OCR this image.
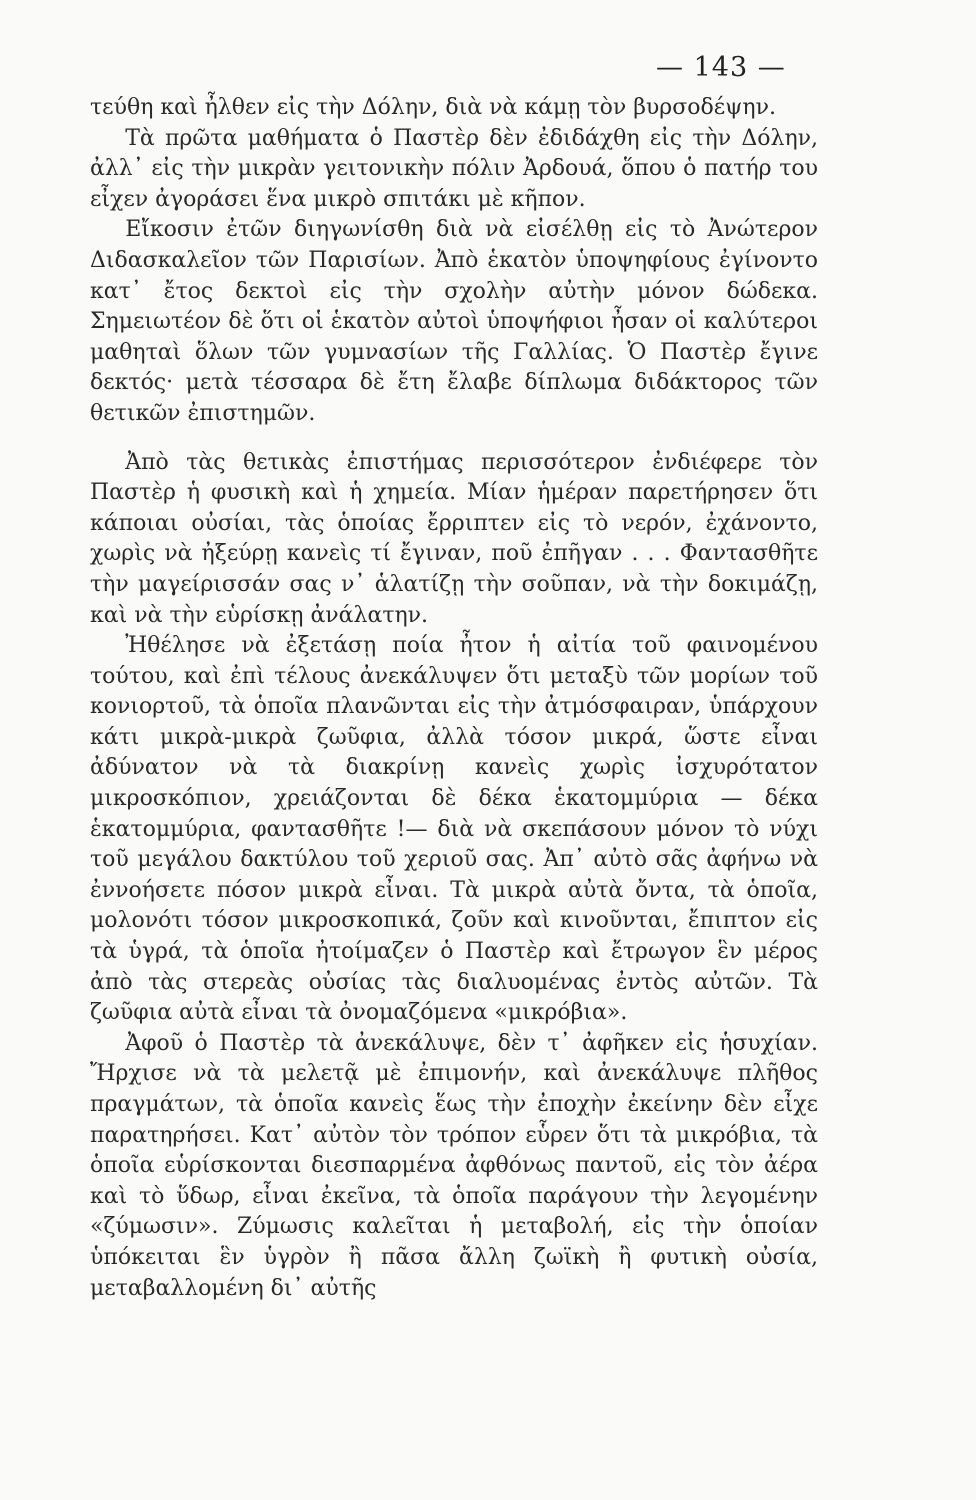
— 143 —

τεύθη καὶ ἦλθεν εἰς τὴν Δόλην, διὰ νὰ κάμῃ τὸν βυρσοδέψην.

Τὰ πρῶτα μαθήματα ὁ Παστὲρ δὲν ἐδιδάχθη εἰς τὴν Δόλην, ἀλλ᾽ εἰς τὴν μικρὰν γειτονικὴν πόλιν Ἀρδουά, ὅπου ὁ πατήρ του εἶχεν ἀγοράσει ἕνα μικρὸ σπιτάκι μὲ κῆπον.

Εἴκοσιν ἐτῶν διηγωνίσθη διὰ νὰ εἰσέλθῃ εἰς τὸ Ἀνώτερον Διδασκαλεῖον τῶν Παρισίων. Ἀπὸ ἑκατὸν ὑποψηφίους ἐγίνοντο κατ᾽ ἔτος δεκτοὶ εἰς τὴν σχολὴν αὐτὴν μόνον δώδεκα. Σημειωτέον δὲ ὅτι οἱ ἑκατὸν αὐτοὶ ὑποψήφιοι ἦσαν οἱ καλύτεροι μαθηταὶ ὅλων τῶν γυμνασίων τῆς Γαλλίας. Ὁ Παστὲρ ἔγινε δεκτός· μετὰ τέσσαρα δὲ ἔτη ἔλαβε δίπλωμα διδάκτορος τῶν θετικῶν ἐπιστημῶν.

Ἀπὸ τὰς θετικὰς ἐπιστήμας περισσότερον ἐνδιέφερε τὸν Παστὲρ ἡ φυσικὴ καὶ ἡ χημεία. Μίαν ἡμέραν παρετήρησεν ὅτι κάποιαι οὐσίαι, τὰς ὁποίας ἔρριπτεν εἰς τὸ νερόν, ἐχάνοντο, χωρὶς νὰ ἠξεύρῃ κανεὶς τί ἔγιναν, ποῦ ἐπῆγαν . . . Φαντασθῆτε τὴν μαγείρισσάν σας ν᾽ ἁλατίζῃ τὴν σοῦπαν, νὰ τὴν δοκιμάζῃ, καὶ νὰ τὴν εὑρίσκῃ ἀνάλατην.

Ἠθέλησε νὰ ἐξετάσῃ ποία ἦτον ἡ αἰτία τοῦ φαινομένου τούτου, καὶ ἐπὶ τέλους ἀνεκάλυψεν ὅτι μεταξὺ τῶν μορίων τοῦ κονιορτοῦ, τὰ ὁποῖα πλανῶνται εἰς τὴν ἀτμόσφαιραν, ὑπάρχουν κάτι μικρὰ-μικρὰ ζωῦφια, ἀλλὰ τόσον μικρά, ὥστε εἶναι ἀδύνατον νὰ τὰ διακρίνῃ κανεὶς χωρὶς ἰσχυρότατον μικροσκόπιον, χρειάζονται δὲ δέκα ἑκατομμύρια — δέκα ἑκατομμύρια, φαντασθῆτε !— διὰ νὰ σκεπάσουν μόνον τὸ νύχι τοῦ μεγάλου δακτύλου τοῦ χεριοῦ σας. Ἀπ᾽ αὐτὸ σᾶς ἀφήνω νὰ ἐννοήσετε πόσον μικρὰ εἶναι. Τὰ μικρὰ αὐτὰ ὄντα, τὰ ὁποῖα, μολονότι τόσον μικροσκοπικά, ζοῦν καὶ κινοῦνται, ἔπιπτον εἰς τὰ ὑγρά, τὰ ὁποῖα ἠτοίμαζεν ὁ Παστὲρ καὶ ἔτρωγον ἓν μέρος ἀπὸ τὰς στερεὰς οὐσίας τὰς διαλυομένας ἐντὸς αὐτῶν. Τὰ ζωῦφια αὐτὰ εἶναι τὰ ὀνομαζόμενα «μικρόβια».

Ἀφοῦ ὁ Παστὲρ τὰ ἀνεκάλυψε, δὲν τ᾽ ἀφῆκεν εἰς ἡσυχίαν. Ἤρχισε νὰ τὰ μελετᾷ μὲ ἐπιμονήν, καὶ ἀνεκάλυψε πλῆθος πραγμάτων, τὰ ὁποῖα κανεὶς ἕως τὴν ἐποχὴν ἐκείνην δὲν εἶχε παρατηρήσει. Κατ᾽ αὐτὸν τὸν τρόπον εὗρεν ὅτι τὰ μικρόβια, τὰ ὁποῖα εὑρίσκονται διεσπαρμένα ἀφθόνως παντοῦ, εἰς τὸν ἀέρα καὶ τὸ ὕδωρ, εἶναι ἐκεῖνα, τὰ ὁποῖα παράγουν τὴν λεγομένην «ζύμωσιν». Ζύμωσις καλεῖται ἡ μεταβολή, εἰς τὴν ὁποίαν ὑπόκειται ἓν ὑγρὸν ἢ πᾶσα ἄλλη ζωϊκὴ ἢ φυτικὴ οὐσία, μεταβαλλομένη δι᾽ αὐτῆς
